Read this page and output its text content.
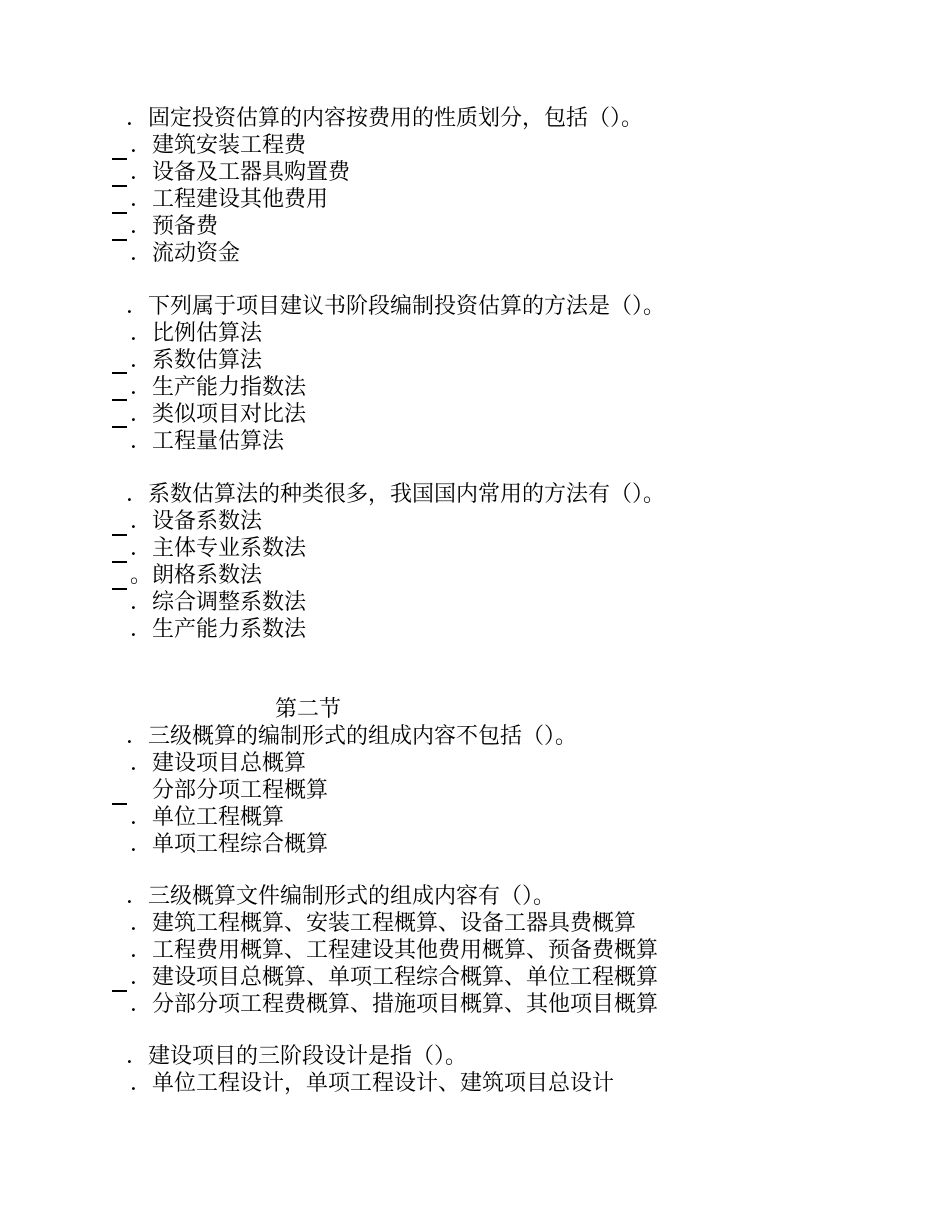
．固定投资估算的内容按费用的性质划分，包括（）。
．建筑安装工程费
．设备及工器具购置费
．工程建设其他费用
．预备费
．流动资金
．下列属于项目建议书阶段编制投资估算的方法是（）。
．比例估算法
．系数估算法
．生产能力指数法
．类似项目对比法
．工程量估算法
．系数估算法的种类很多，我国国内常用的方法有（）。
．设备系数法
．主体专业系数法
。朗格系数法
．综合调整系数法
．生产能力系数法
第二节
．三级概算的编制形式的组成内容不包括（）。
．建设项目总概算
分部分项工程概算
．单位工程概算
．单项工程综合概算
．三级概算文件编制形式的组成内容有（）。
．建筑工程概算、安装工程概算、设备工器具费概算
．工程费用概算、工程建设其他费用概算、预备费概算
．建设项目总概算、单项工程综合概算、单位工程概算
．分部分项工程费概算、措施项目概算、其他项目概算
．建设项目的三阶段设计是指（）。
．单位工程设计，单项工程设计、建筑项目总设计
